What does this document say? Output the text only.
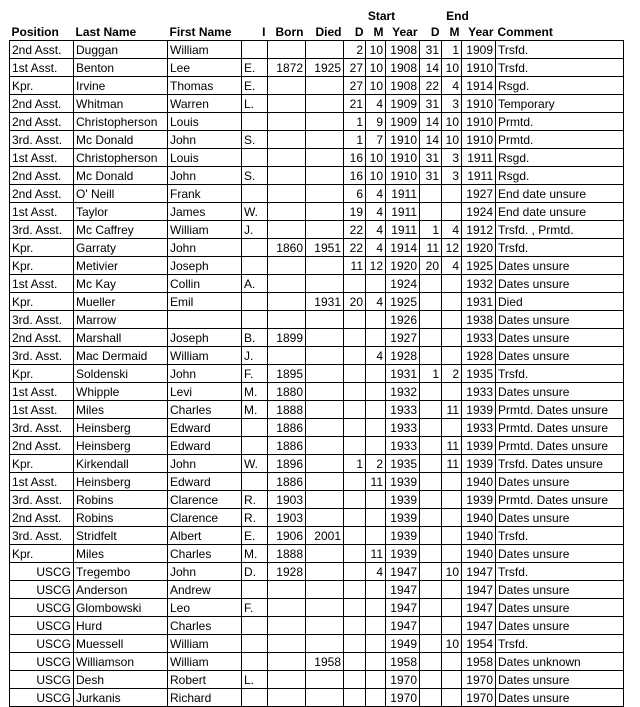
						Start			End			
Position	Last Name	First Name	I	Born	Died	D	M	Year	D	M	Year	Comment
2nd Asst.	Duggan	William				2	10	1908	31	1	1909	Trsfd.
1st Asst.	Benton	Lee	E.	1872	1925	27	10	1908	14	10	1910	Trsfd.
Kpr.	Irvine	Thomas	E.			27	10	1908	22	4	1914	Rsgd.
2nd Asst.	Whitman	Warren	L.			21	4	1909	31	3	1910	Temporary
2nd Asst.	Christopherson	Louis				1	9	1909	14	10	1910	Prmtd.
3rd. Asst.	Mc Donald	John	S.			1	7	1910	14	10	1910	Prmtd.
1st Asst.	Christopherson	Louis				16	10	1910	31	3	1911	Rsgd.
2nd Asst.	Mc Donald	John	S.			16	10	1910	31	3	1911	Rsgd.
2nd Asst.	O' Neill	Frank				6	4	1911			1927	End date unsure
1st Asst.	Taylor	James	W.			19	4	1911			1924	End date unsure
3rd. Asst.	Mc Caffrey	William	J.			22	4	1911	1	4	1912	Trsfd. , Prmtd.
Kpr.	Garraty	John		1860	1951	22	4	1914	11	12	1920	Trsfd.
Kpr.	Metivier	Joseph				11	12	1920	20	4	1925	Dates unsure
1st Asst.	Mc Kay	Collin	A.					1924			1932	Dates unsure
Kpr.	Mueller	Emil			1931	20	4	1925			1931	Died
3rd. Asst.	Marrow							1926			1938	Dates unsure
2nd Asst.	Marshall	Joseph	B.	1899				1927			1933	Dates unsure
3rd. Asst.	Mac Dermaid	William	J.				4	1928			1928	Dates unsure
Kpr.	Soldenski	John	F.	1895				1931	1	2	1935	Trsfd.
1st Asst.	Whipple	Levi	M.	1880				1932			1933	Dates unsure
1st Asst.	Miles	Charles	M.	1888				1933		11	1939	Prmtd. Dates unsure
3rd. Asst.	Heinsberg	Edward		1886				1933			1933	Prmtd. Dates unsure
2nd Asst.	Heinsberg	Edward		1886				1933		11	1939	Prmtd. Dates unsure
Kpr.	Kirkendall	John	W.	1896		1	2	1935		11	1939	Trsfd. Dates unsure
1st Asst.	Heinsberg	Edward		1886			11	1939			1940	Dates unsure
3rd. Asst.	Robins	Clarence	R.	1903				1939			1939	Prmtd. Dates unsure
2nd Asst.	Robins	Clarence	R.	1903				1939			1940	Dates unsure
3rd. Asst.	Stridfelt	Albert	E.	1906	2001			1939			1940	Trsfd.
Kpr.	Miles	Charles	M.	1888			11	1939			1940	Dates unsure
USCG	Tregembo	John	D.	1928			4	1947		10	1947	Trsfd.
USCG	Anderson	Andrew						1947			1947	Dates unsure
USCG	Glombowski	Leo	F.					1947			1947	Dates unsure
USCG	Hurd	Charles						1947			1947	Dates unsure
USCG	Muessell	William						1949		10	1954	Trsfd.
USCG	Williamson	William			1958			1958			1958	Dates unknown
USCG	Desh	Robert	L.					1970			1970	Dates unsure
USCG	Jurkanis	Richard						1970			1970	Dates unsure
